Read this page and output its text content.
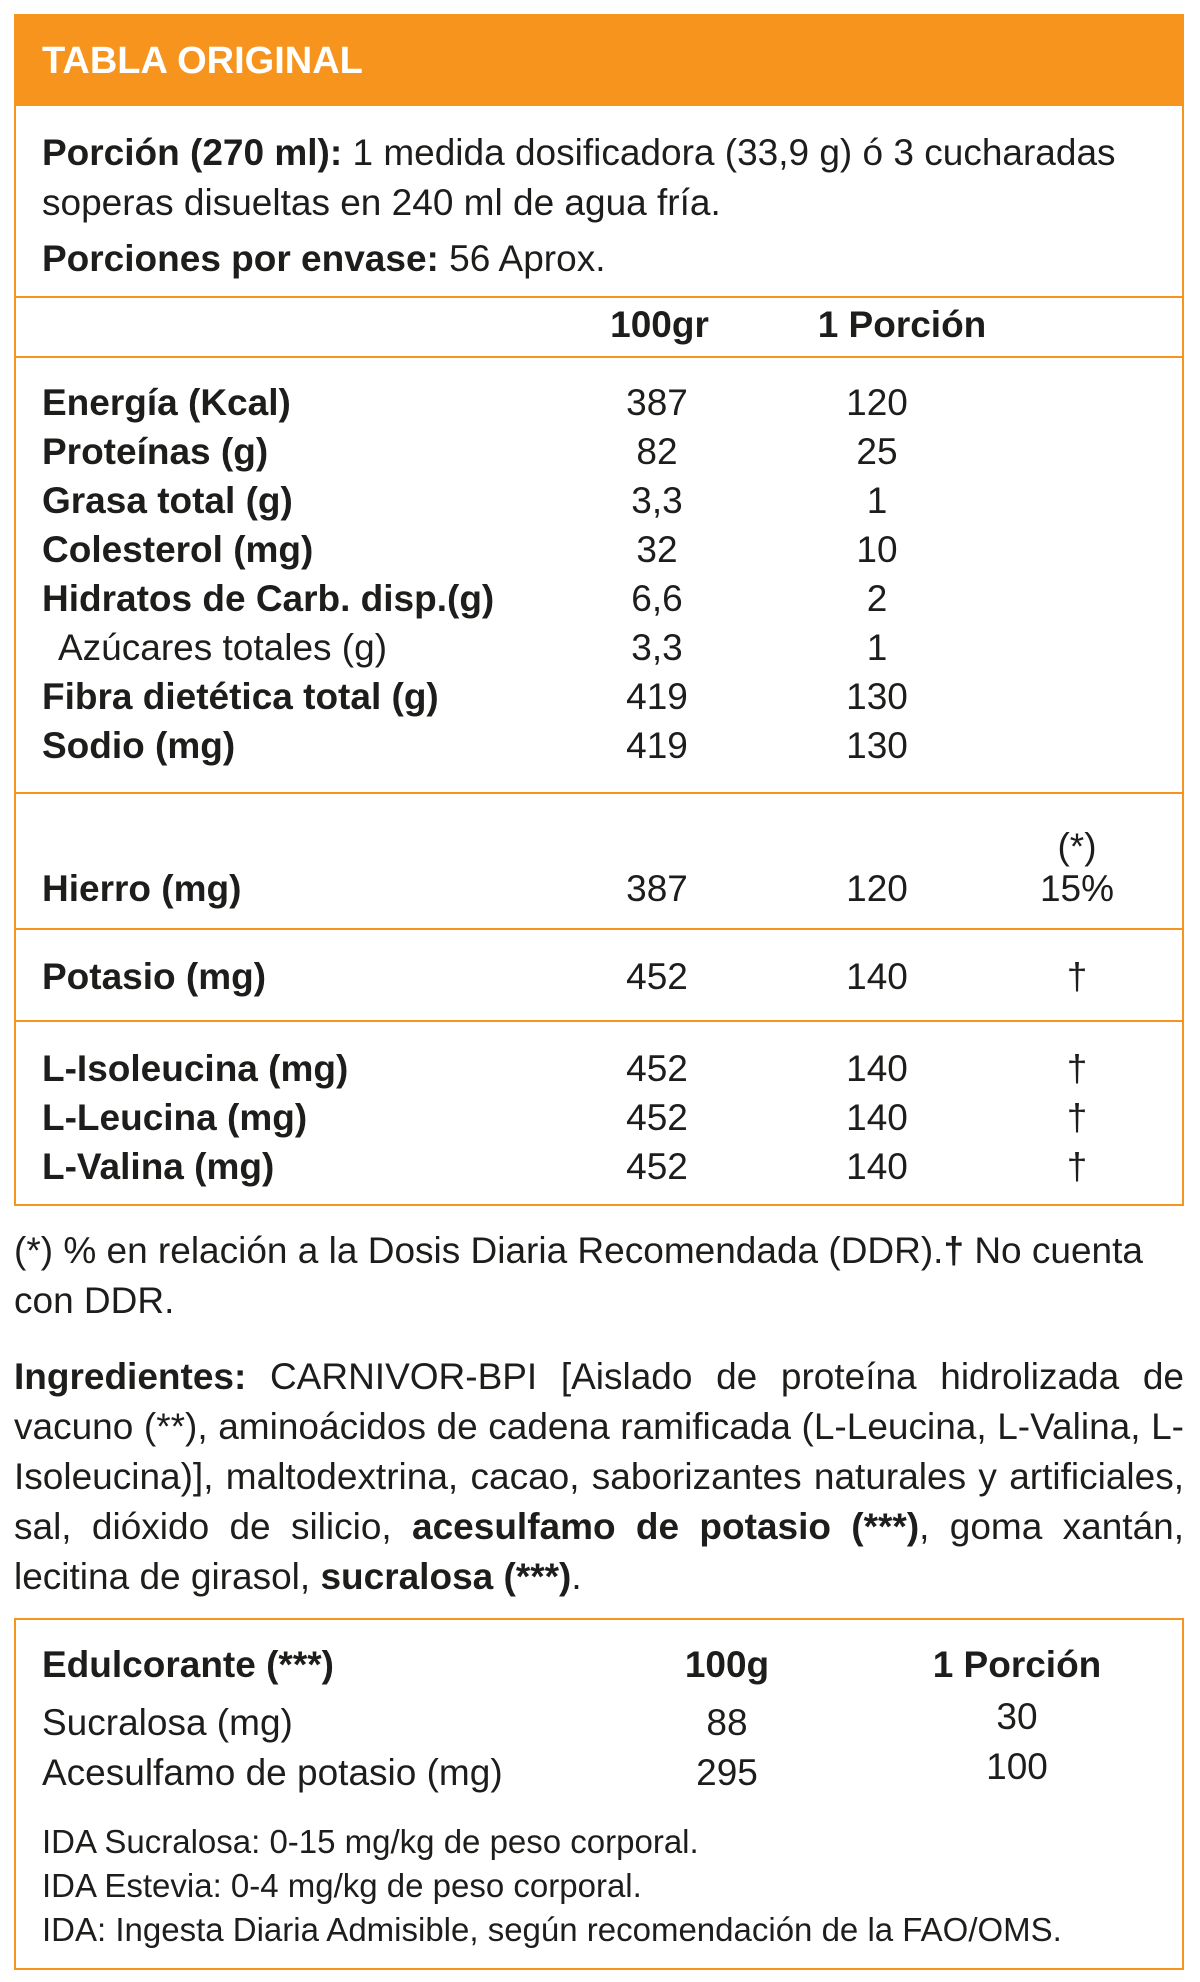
TABLA ORIGINAL
Porción (270 ml): 1 medida dosificadora (33,9 g) ó 3 cucharadas soperas disueltas en 240 ml de agua fría.
Porciones por envase: 56 Aprox.
100gr	1 Porción
Energía (Kcal)	387	120
Proteínas (g)	82	25
Grasa total (g)	3,3	1
Colesterol (mg)	32	10
Hidratos de Carb. disp.(g)	6,6	2
Azúcares totales (g)	3,3	1
Fibra dietética total (g)	419	130
Sodio (mg)	419	130
(*)
Hierro (mg)	387	120	15%
Potasio (mg)	452	140	†
L-Isoleucina (mg)	452	140	†
L-Leucina (mg)	452	140	†
L-Valina (mg)	452	140	†
(*) % en relación a la Dosis Diaria Recomendada (DDR).† No cuenta con DDR.
Ingredientes: CARNIVOR-BPI [Aislado de proteína hidrolizada de vacuno (**), aminoácidos de cadena ramificada (L-Leucina, L-Valina, L-Isoleucina)], maltodextrina, cacao, saborizantes naturales y artificiales, sal, dióxido de silicio, acesulfamo de potasio (***), goma xantán, lecitina de girasol, sucralosa (***).
Edulcorante (***)	100g	1 Porción
Sucralosa (mg)	88	30
Acesulfamo de potasio (mg)	295	100
IDA Sucralosa: 0-15 mg/kg de peso corporal.
IDA Estevia: 0-4 mg/kg de peso corporal.
IDA: Ingesta Diaria Admisible, según recomendación de la FAO/OMS.
